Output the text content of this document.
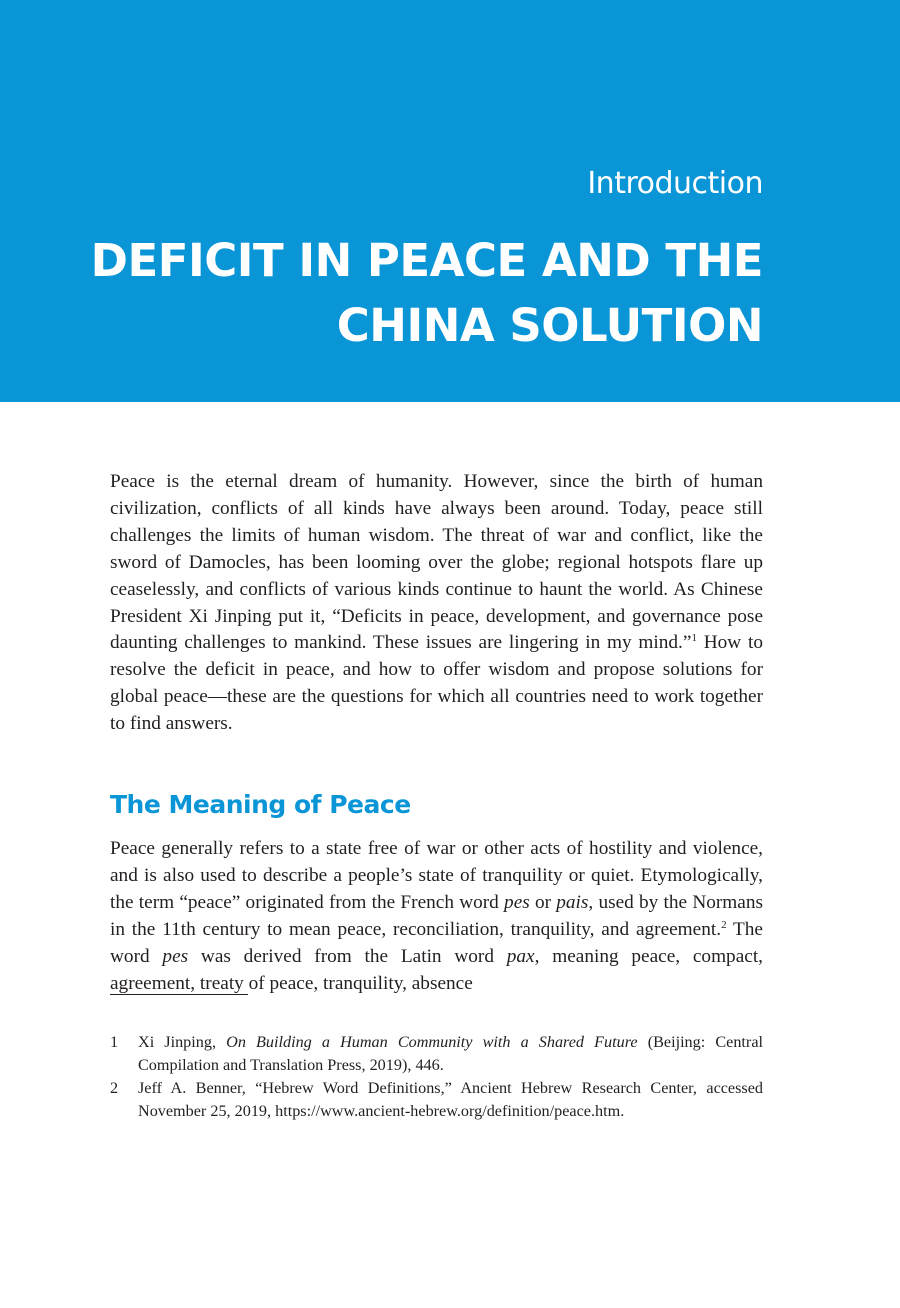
Introduction
DEFICIT IN PEACE AND THE
CHINA SOLUTION

Peace is the eternal dream of humanity. However, since the birth of human civilization, conflicts of all kinds have always been around. Today, peace still challenges the limits of human wisdom. The threat of war and conflict, like the sword of Damocles, has been looming over the globe; regional hotspots flare up ceaselessly, and conflicts of various kinds continue to haunt the world. As Chinese President Xi Jinping put it, “Deficits in peace, development, and governance pose daunting challenges to mankind. These issues are lingering in my mind.”$^1$ How to resolve the deficit in peace, and how to offer wisdom and propose solutions for global peace—these are the questions for which all countries need to work together to find answers.

The Meaning of Peace

Peace generally refers to a state free of war or other acts of hostility and violence, and is also used to describe a people’s state of tranquility or quiet. Etymologically, the term “peace” originated from the French word pes or pais, used by the Normans in the 11th century to mean peace, reconciliation, tranquility, and agreement.$^2$ The word pes was derived from the Latin word pax, meaning peace, compact, agreement, treaty of peace, tranquility, absence

1 Xi Jinping, On Building a Human Community with a Shared Future (Beijing: Central Compilation and Translation Press, 2019), 446.

2 Jeff A. Benner, “Hebrew Word Definitions,” Ancient Hebrew Research Center, accessed November 25, 2019, https://www.ancient-hebrew.org/definition/peace.htm.
